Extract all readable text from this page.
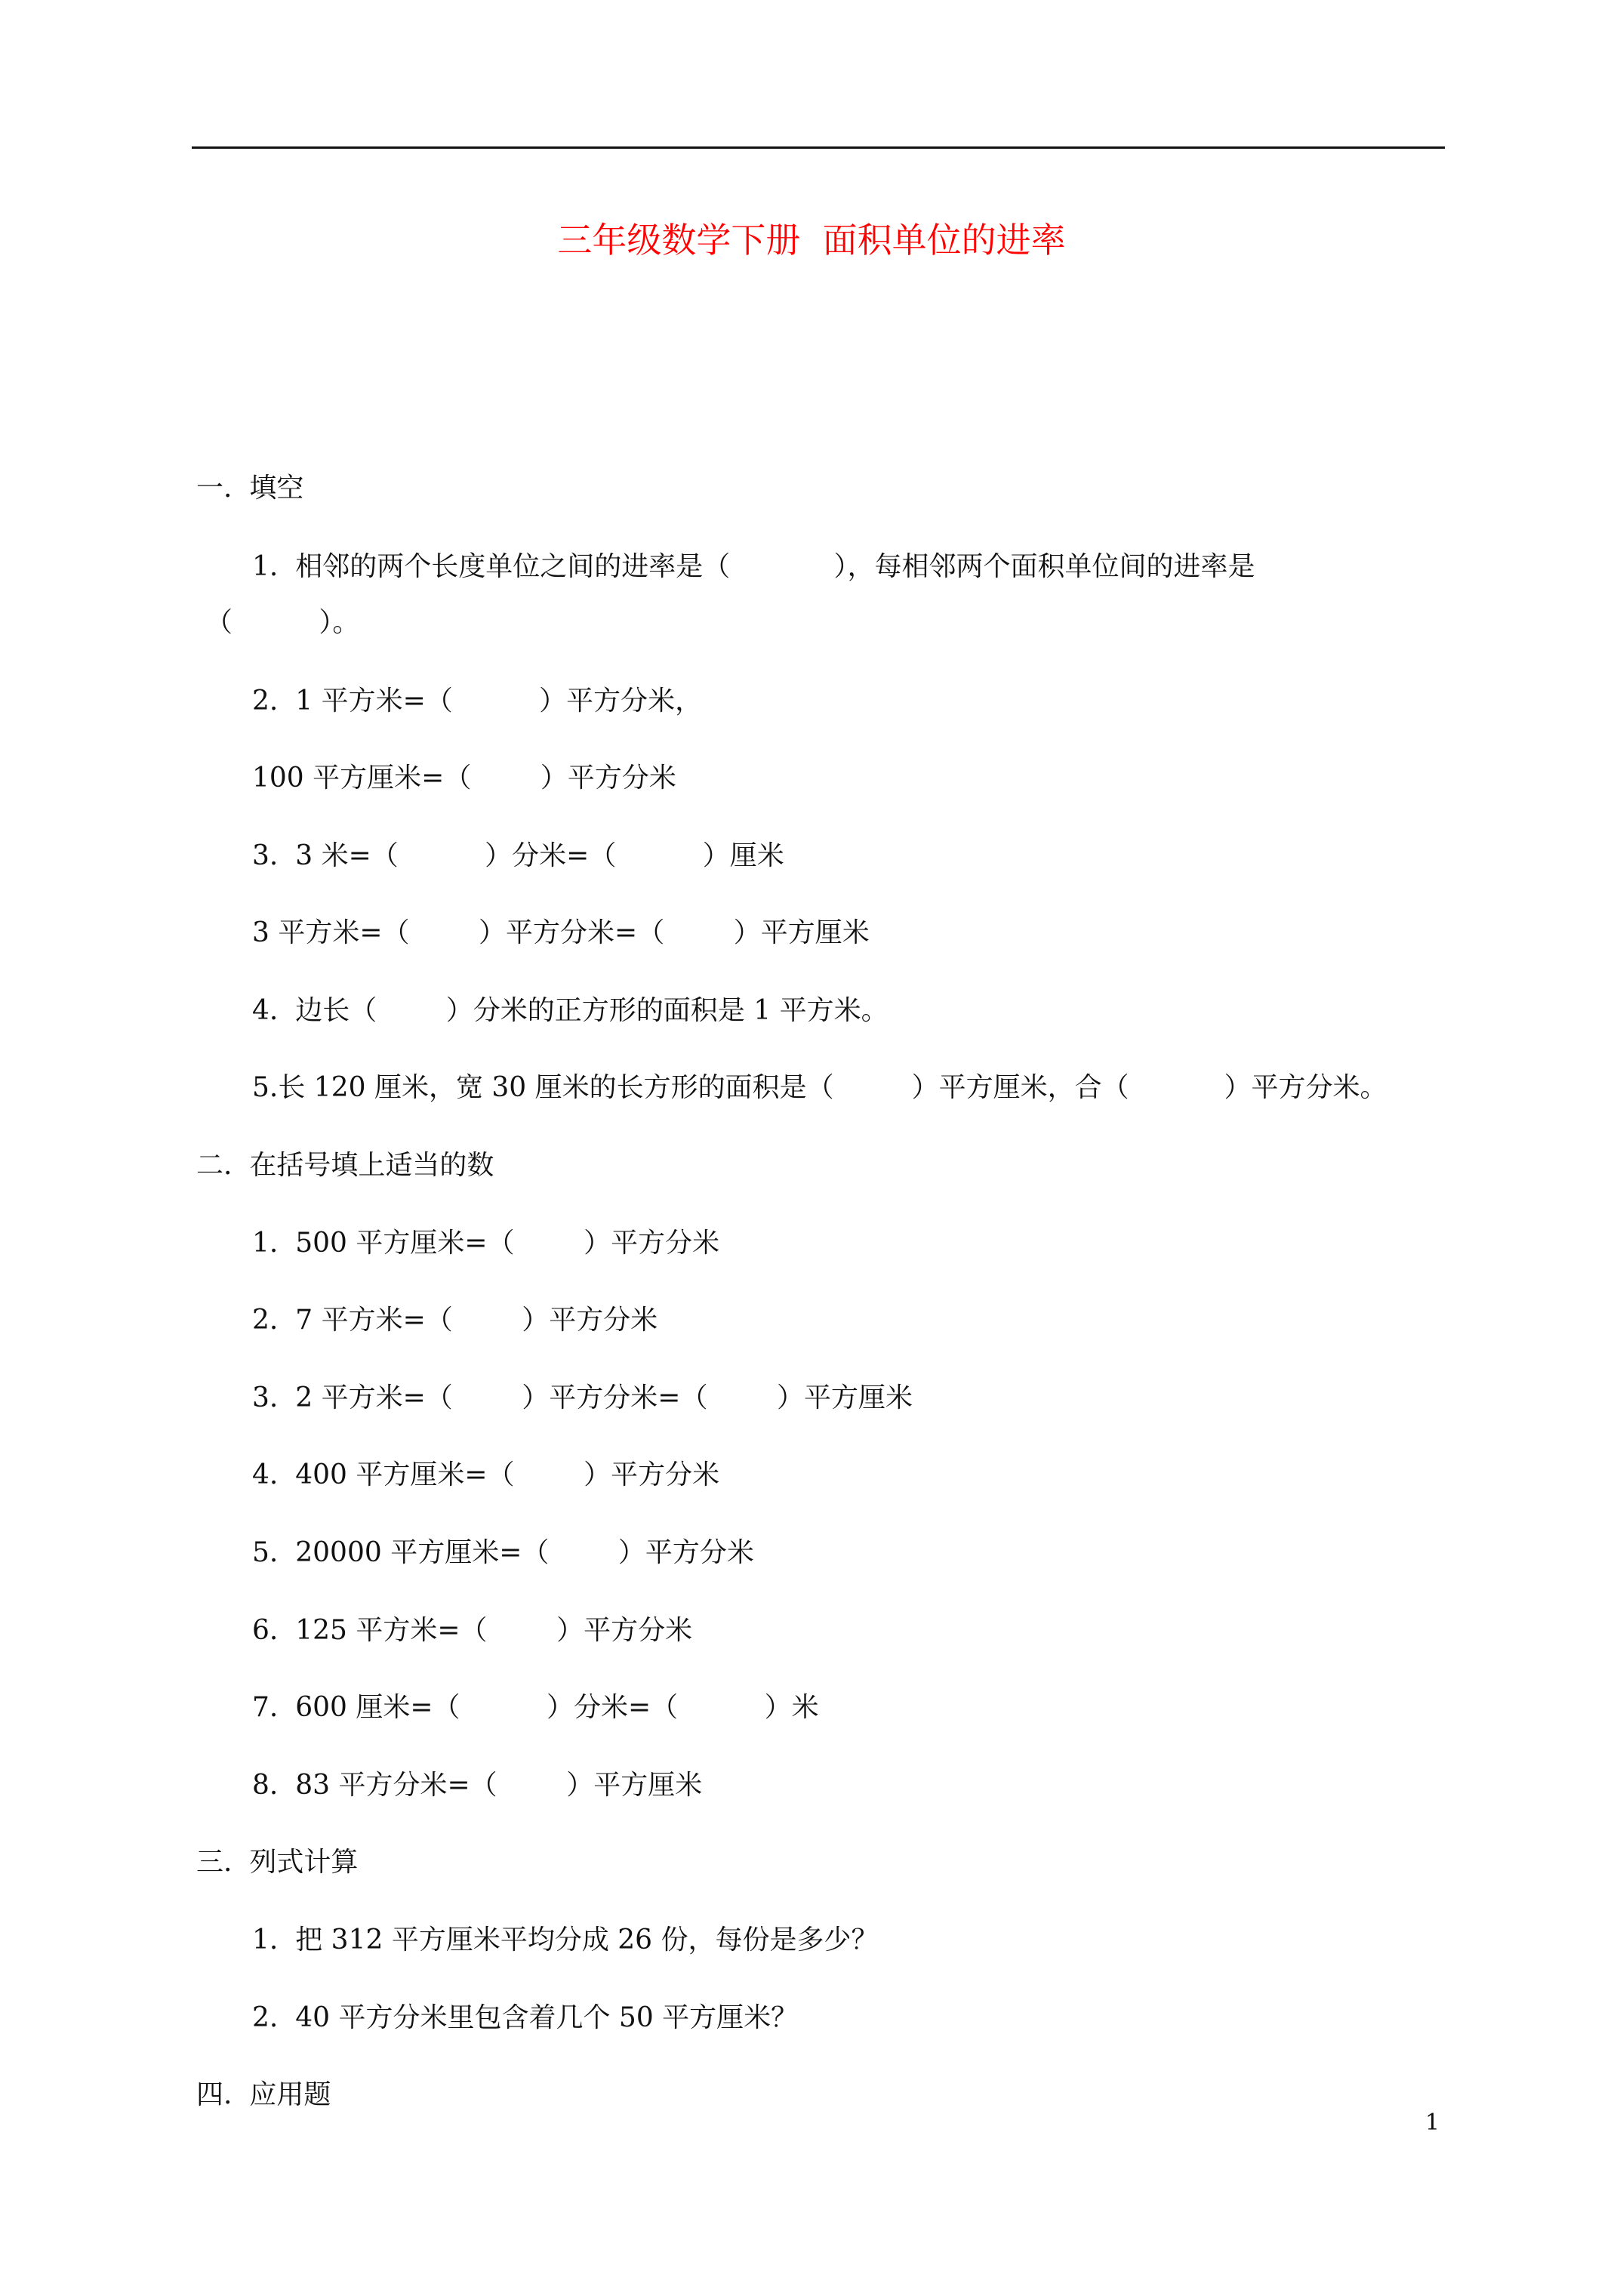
三年级数学下册  面积单位的进率
一.  填空
1.  相邻的两个长度单位之间的进率是（            ），每相邻两个面积单位间的进率是
（          ）。
2.  1 平方米=（          ）平方分米，
100 平方厘米=（        ）平方分米
3.  3 米=（          ）分米=（          ）厘米
3 平方米=（        ）平方分米=（        ）平方厘米
4.  边长（        ）分米的正方形的面积是 1 平方米。
5.长 120 厘米，宽 30 厘米的长方形的面积是（         ）平方厘米，合（           ）平方分米。
二.  在括号填上适当的数
1.  500 平方厘米=（        ）平方分米
2.  7 平方米=（        ）平方分米
3.  2 平方米=（        ）平方分米=（        ）平方厘米
4.  400 平方厘米=（        ）平方分米
5.  20000 平方厘米=（        ）平方分米
6.  125 平方米=（        ）平方分米
7.  600 厘米=（          ）分米=（          ）米
8.  83 平方分米=（        ）平方厘米
三.  列式计算
1.  把 312 平方厘米平均分成 26 份，每份是多少？
2.  40 平方分米里包含着几个 50 平方厘米？
四.  应用题
1
